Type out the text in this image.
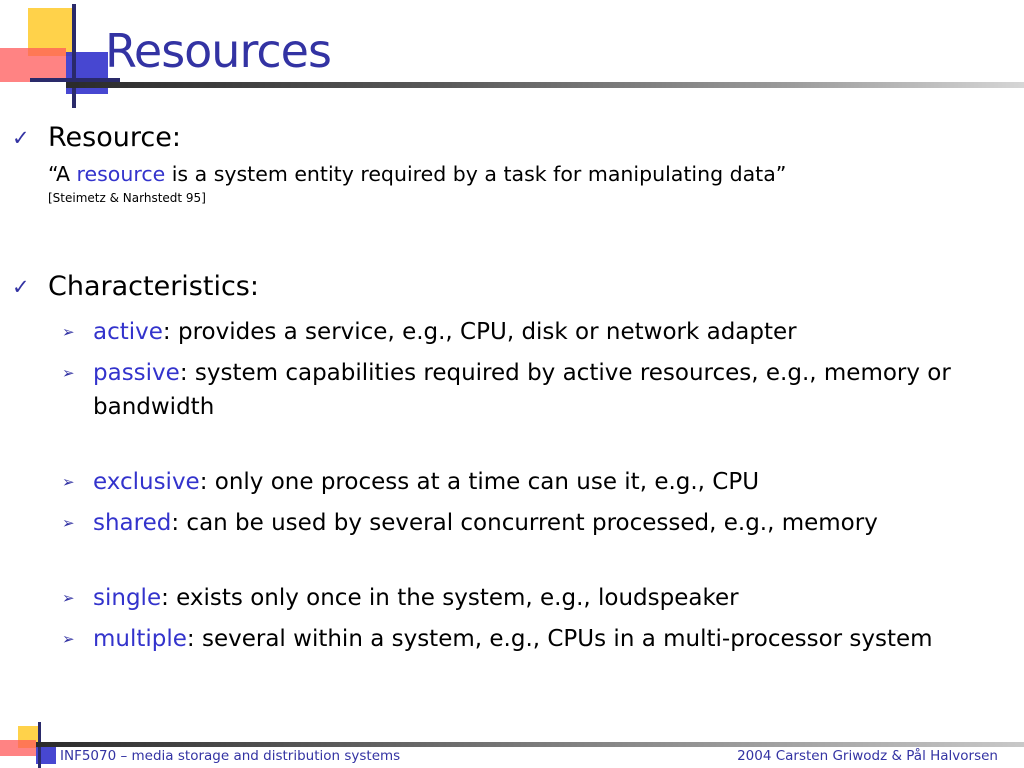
Resources
✓ Resource:
“A resource is a system entity required by a task for manipulating data”
[Steimetz & Narhstedt 95]
✓ Characteristics:
➢ active: provides a service, e.g., CPU, disk or network adapter
➢ passive: system capabilities required by active resources, e.g., memory or bandwidth
➢ exclusive: only one process at a time can use it, e.g., CPU
➢ shared: can be used by several concurrent processed, e.g., memory
➢ single: exists only once in the system, e.g., loudspeaker
➢ multiple: several within a system, e.g., CPUs in a multi-processor system
INF5070 – media storage and distribution systems	2004 Carsten Griwodz & Pål Halvorsen
